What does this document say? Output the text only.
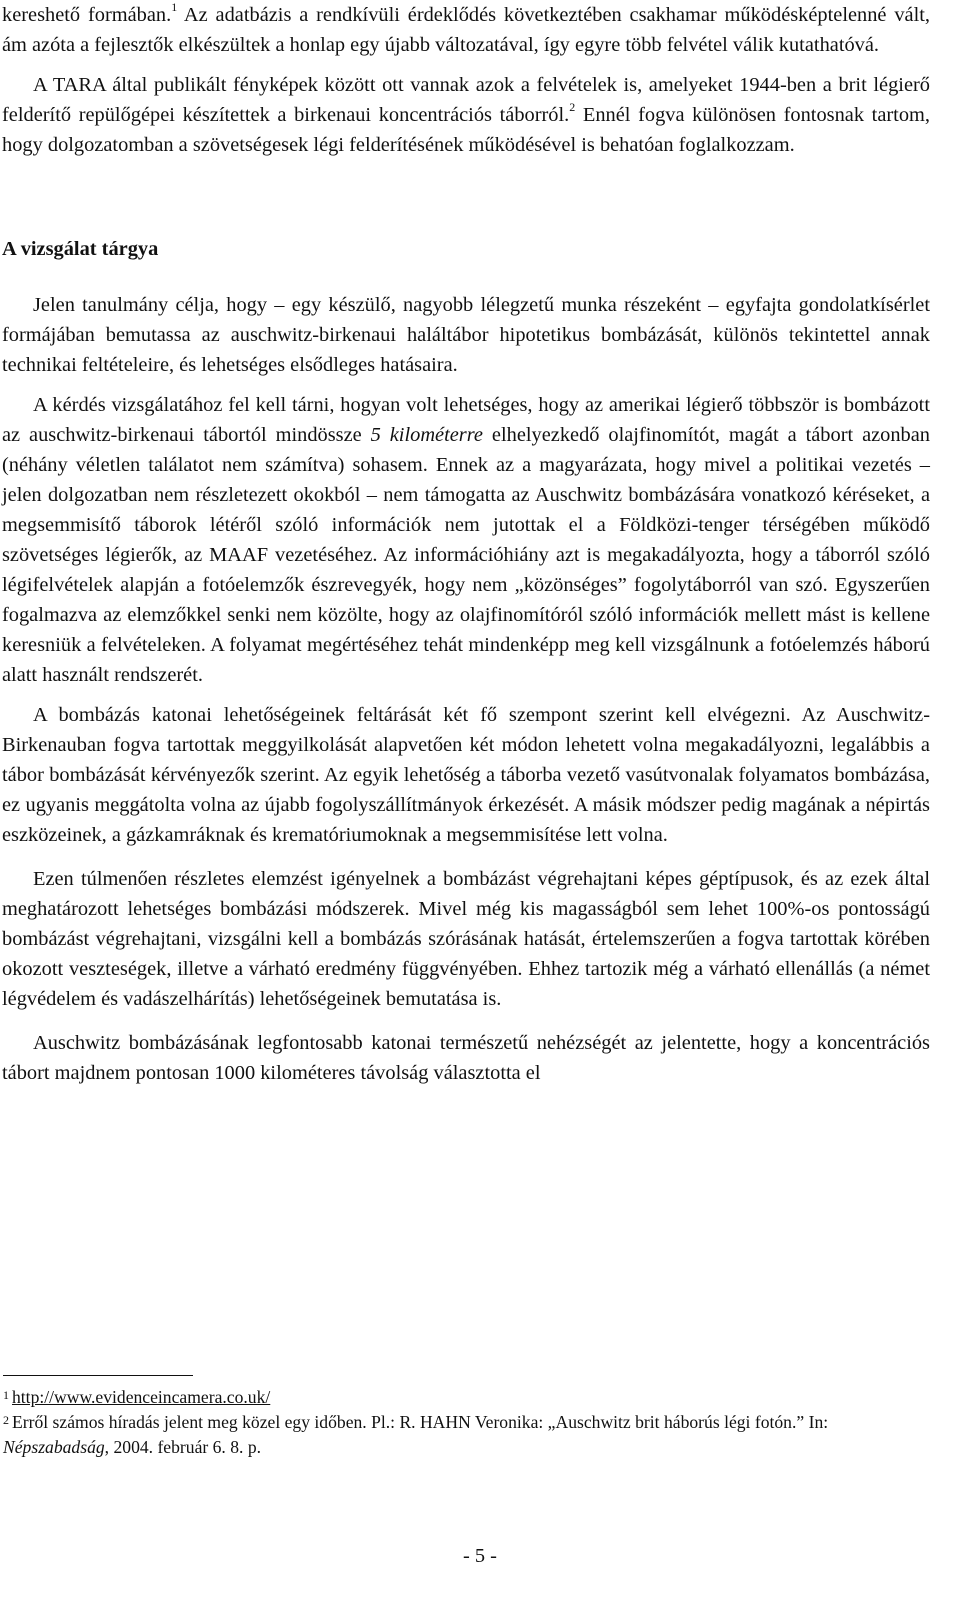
kereshető formában.$^1$ Az adatbázis a rendkívüli érdeklődés következtében csakhamar működésképtelenné vált, ám azóta a fejlesztők elkészültek a honlap egy újabb változatával, így egyre több felvétel válik kutathatóvá.

A TARA által publikált fényképek között ott vannak azok a felvételek is, amelyeket 1944-ben a brit légierő felderítő repülőgépei készítettek a birkenaui koncentrációs táborról.$^2$ Ennél fogva különösen fontosnak tartom, hogy dolgozatomban a szövetségesek légi felderítésének működésével is behatóan foglalkozzam.

A vizsgálat tárgya

Jelen tanulmány célja, hogy – egy készülő, nagyobb lélegzetű munka részeként – egyfajta gondolatkísérlet formájában bemutassa az auschwitz-birkenaui haláltábor hipotetikus bombázását, különös tekintettel annak technikai feltételeire, és lehetséges elsődleges hatásaira.

A kérdés vizsgálatához fel kell tárni, hogyan volt lehetséges, hogy az amerikai légierő többször is bombázott az auschwitz-birkenaui tábortól mindössze 5 kilométerre elhelyezkedő olajfinomítót, magát a tábort azonban (néhány véletlen találatot nem számítva) sohasem. Ennek az a magyarázata, hogy mivel a politikai vezetés – jelen dolgozatban nem részletezett okokból – nem támogatta az Auschwitz bombázására vonatkozó kéréseket, a megsemmisítő táborok létéről szóló információk nem jutottak el a Földközi-tenger térségében működő szövetséges légierők, az MAAF vezetéséhez. Az információhiány azt is megakadályozta, hogy a táborról szóló légifelvételek alapján a fotóelemzők észrevegyék, hogy nem „közönséges” fogolytáborról van szó. Egyszerűen fogalmazva az elemzőkkel senki nem közölte, hogy az olajfinomítóról szóló információk mellett mást is kellene keresniük a felvételeken. A folyamat megértéséhez tehát mindenképp meg kell vizsgálnunk a fotóelemzés háború alatt használt rendszerét.

A bombázás katonai lehetőségeinek feltárását két fő szempont szerint kell elvégezni. Az Auschwitz-Birkenauban fogva tartottak meggyilkolását alapvetően két módon lehetett volna megakadályozni, legalábbis a tábor bombázását kérvényezők szerint. Az egyik lehetőség a táborba vezető vasútvonalak folyamatos bombázása, ez ugyanis meggátolta volna az újabb fogolyszállítmányok érkezését. A másik módszer pedig magának a népirtás eszközeinek, a gázkamráknak és krematóriumoknak a megsemmisítése lett volna.

Ezen túlmenően részletes elemzést igényelnek a bombázást végrehajtani képes géptípusok, és az ezek által meghatározott lehetséges bombázási módszerek. Mivel még kis magasságból sem lehet 100%-os pontosságú bombázást végrehajtani, vizsgálni kell a bombázás szórásának hatását, értelemszerűen a fogva tartottak körében okozott veszteségek, illetve a várható eredmény függvényében. Ehhez tartozik még a várható ellenállás (a német légvédelem és vadászelhárítás) lehetőségeinek bemutatása is.

Auschwitz bombázásának legfontosabb katonai természetű nehézségét az jelentette, hogy a koncentrációs tábort majdnem pontosan 1000 kilométeres távolság választotta el

$^1$ http://www.evidenceincamera.co.uk/

$^2$ Erről számos híradás jelent meg közel egy időben. Pl.: R. HAHN Veronika: „Auschwitz brit háborús légi fotón.” In: Népszabadság, 2004. február 6. 8. p.

- 5 -
